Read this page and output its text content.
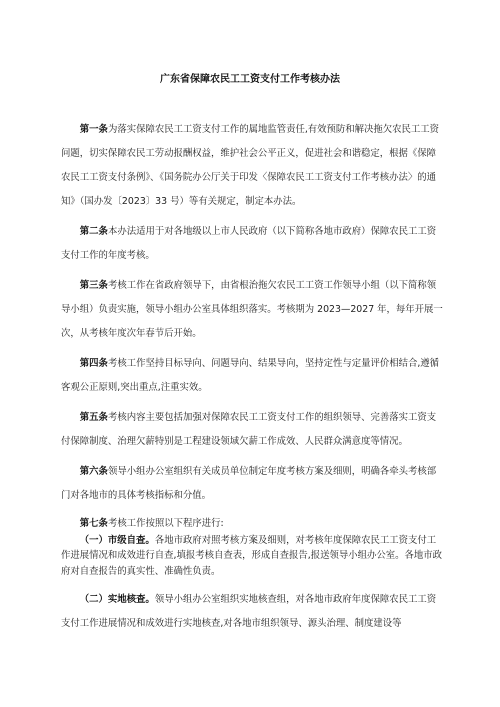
广东省保障农民工工资支付工作考核办法

第一条为落实保障农民工工资支付工作的属地监管责任,有效预防和解决拖欠农民工工资问题，切实保障农民工劳动报酬权益，维护社会公平正义，促进社会和谐稳定，根据《保障农民工工资支付条例》、《国务院办公厅关于印发〈保障农民工工资支付工作考核办法〉的通知》（国办发〔2023〕33 号）等有关规定，制定本办法。

第二条本办法适用于对各地级以上市人民政府（以下简称各地市政府）保障农民工工资支付工作的年度考核。

第三条考核工作在省政府领导下，由省根治拖欠农民工工资工作领导小组（以下简称领导小组）负责实施，领导小组办公室具体组织落实。考核期为 2023—2027 年，每年开展一次，从考核年度次年春节后开始。

第四条考核工作坚持目标导向、问题导向、结果导向，坚持定性与定量评价相结合,遵循客观公正原则,突出重点,注重实效。

第五条考核内容主要包括加强对保障农民工工资支付工作的组织领导、完善落实工资支付保障制度、治理欠薪特别是工程建设领域欠薪工作成效、人民群众满意度等情况。

第六条领导小组办公室组织有关成员单位制定年度考核方案及细则，明确各牵头考核部门对各地市的具体考核指标和分值。

第七条考核工作按照以下程序进行:

（一）市级自查。各地市政府对照考核方案及细则，对考核年度保障农民工工资支付工作进展情况和成效进行自查,填报考核自查表，形成自查报告,报送领导小组办公室。各地市政府对自查报告的真实性、准确性负责。

（二）实地核查。领导小组办公室组织实地核查组，对各地市政府年度保障农民工工资支付工作进展情况和成效进行实地核查,对各地市组织领导、源头治理、制度建设等
